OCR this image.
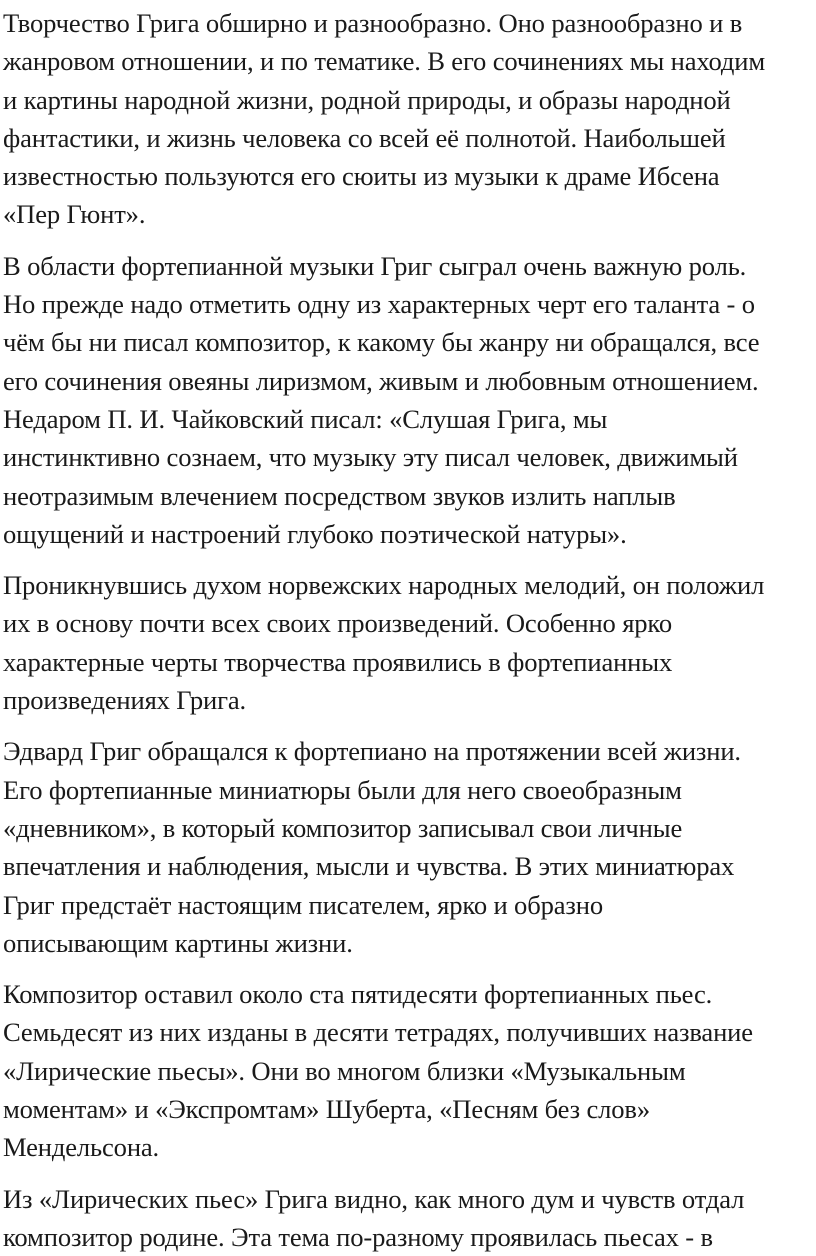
Творчество Грига обширно и разнообразно. Оно разнообразно и в
жанровом отношении, и по тематике. В его сочинениях мы находим
и картины народной жизни, родной природы, и образы народной
фантастики, и жизнь человека со всей её полнотой. Наибольшей
известностью пользуются его сюиты из музыки к драме Ибсена
«Пер Гюнт».

В области фортепианной музыки Григ сыграл очень важную роль.
Но прежде надо отметить одну из характерных черт его таланта - о
чём бы ни писал композитор, к какому бы жанру ни обращался, все
его сочинения овеяны лиризмом, живым и любовным отношением.
Недаром П. И. Чайковский писал: «Слушая Грига, мы
инстинктивно сознаем, что музыку эту писал человек, движимый
неотразимым влечением посредством звуков излить наплыв
ощущений и настроений глубоко поэтической натуры».

Проникнувшись духом норвежских народных мелодий, он положил
их в основу почти всех своих произведений. Особенно ярко
характерные черты творчества проявились в фортепианных
произведениях Грига.

Эдвард Григ обращался к фортепиано на протяжении всей жизни.
Его фортепианные миниатюры были для него своеобразным
«дневником», в который композитор записывал свои личные
впечатления и наблюдения, мысли и чувства. В этих миниатюрах
Григ предстаёт настоящим писателем, ярко и образно
описывающим картины жизни.

Композитор оставил около ста пятидесяти фортепианных пьес.
Семьдесят из них изданы в десяти тетрадях, получивших название
«Лирические пьесы». Они во многом близки «Музыкальным
моментам» и «Экспромтам» Шуберта, «Песням без слов»
Мендельсона.

Из «Лирических пьес» Грига видно, как много дум и чувств отдал
композитор родине. Эта тема по-разному проявилась пьесах - в
